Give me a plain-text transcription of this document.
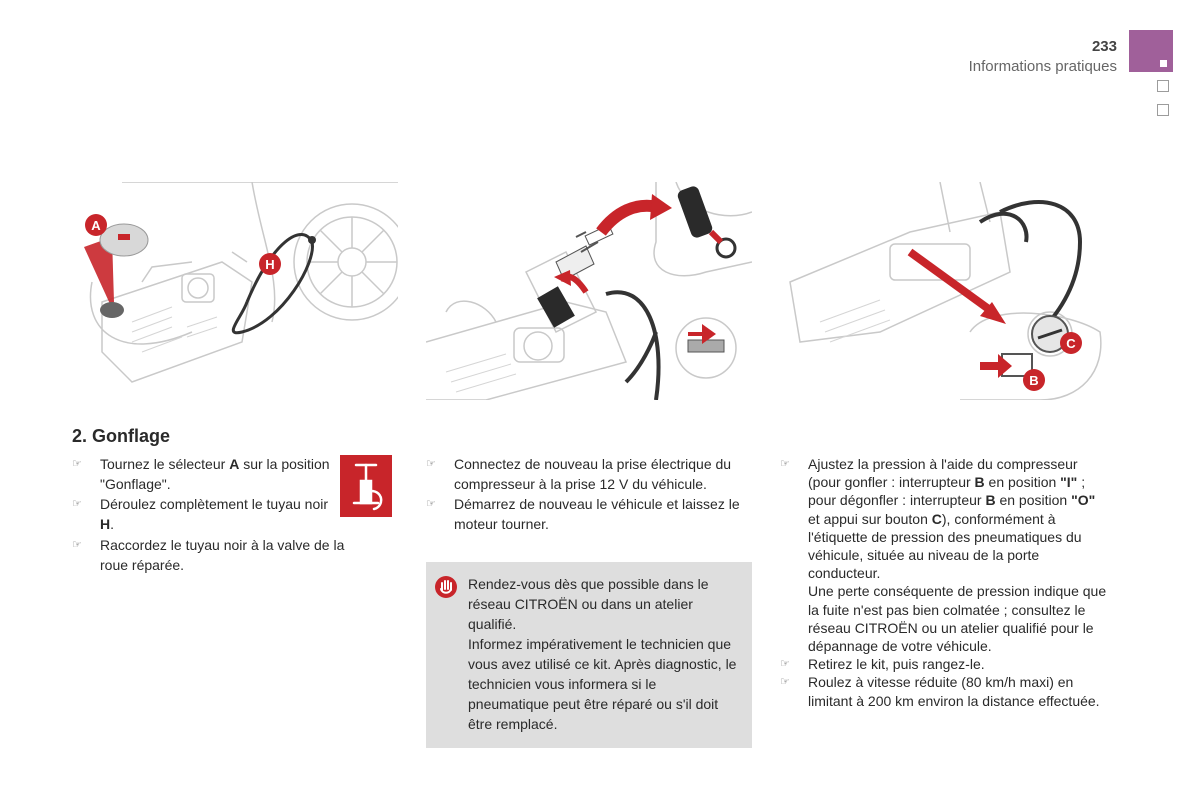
233
Informations pratiques
A
H
C
B
2. Gonflage
☞ Tournez le sélecteur A sur la position "Gonflage".
☞ Déroulez complètement le tuyau noir H.
☞ Raccordez le tuyau noir à la valve de la roue réparée.
☞ Connectez de nouveau la prise électrique du compresseur à la prise 12 V du véhicule.
☞ Démarrez de nouveau le véhicule et laissez le moteur tourner.
Rendez-vous dès que possible dans le réseau CITROËN ou dans un atelier qualifié.
Informez impérativement le technicien que vous avez utilisé ce kit. Après diagnostic, le technicien vous informera si le pneumatique peut être réparé ou s'il doit être remplacé.
☞ Ajustez la pression à l'aide du compresseur (pour gonfler : interrupteur B en position "I" ; pour dégonfler : interrupteur B en position "O" et appui sur bouton C), conformément à l'étiquette de pression des pneumatiques du véhicule, située au niveau de la porte conducteur.
Une perte conséquente de pression indique que la fuite n'est pas bien colmatée ; consultez le réseau CITROËN ou un atelier qualifié pour le dépannage de votre véhicule.
☞ Retirez le kit, puis rangez-le.
☞ Roulez à vitesse réduite (80 km/h maxi) en limitant à 200 km environ la distance effectuée.
